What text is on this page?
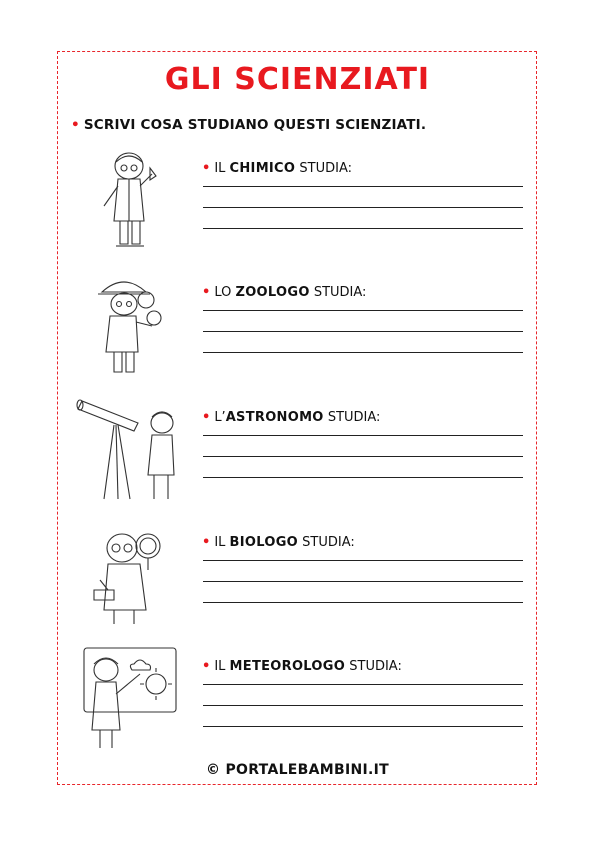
GLI SCIENZIATI
• SCRIVI COSA STUDIANO QUESTI SCIENZIATI.
• IL CHIMICO STUDIA:
• LO ZOOLOGO STUDIA:
• L’ASTRONOMO STUDIA:
• IL BIOLOGO STUDIA:
• IL METEOROLOGO STUDIA:
© PORTALEBAMBINI.IT
